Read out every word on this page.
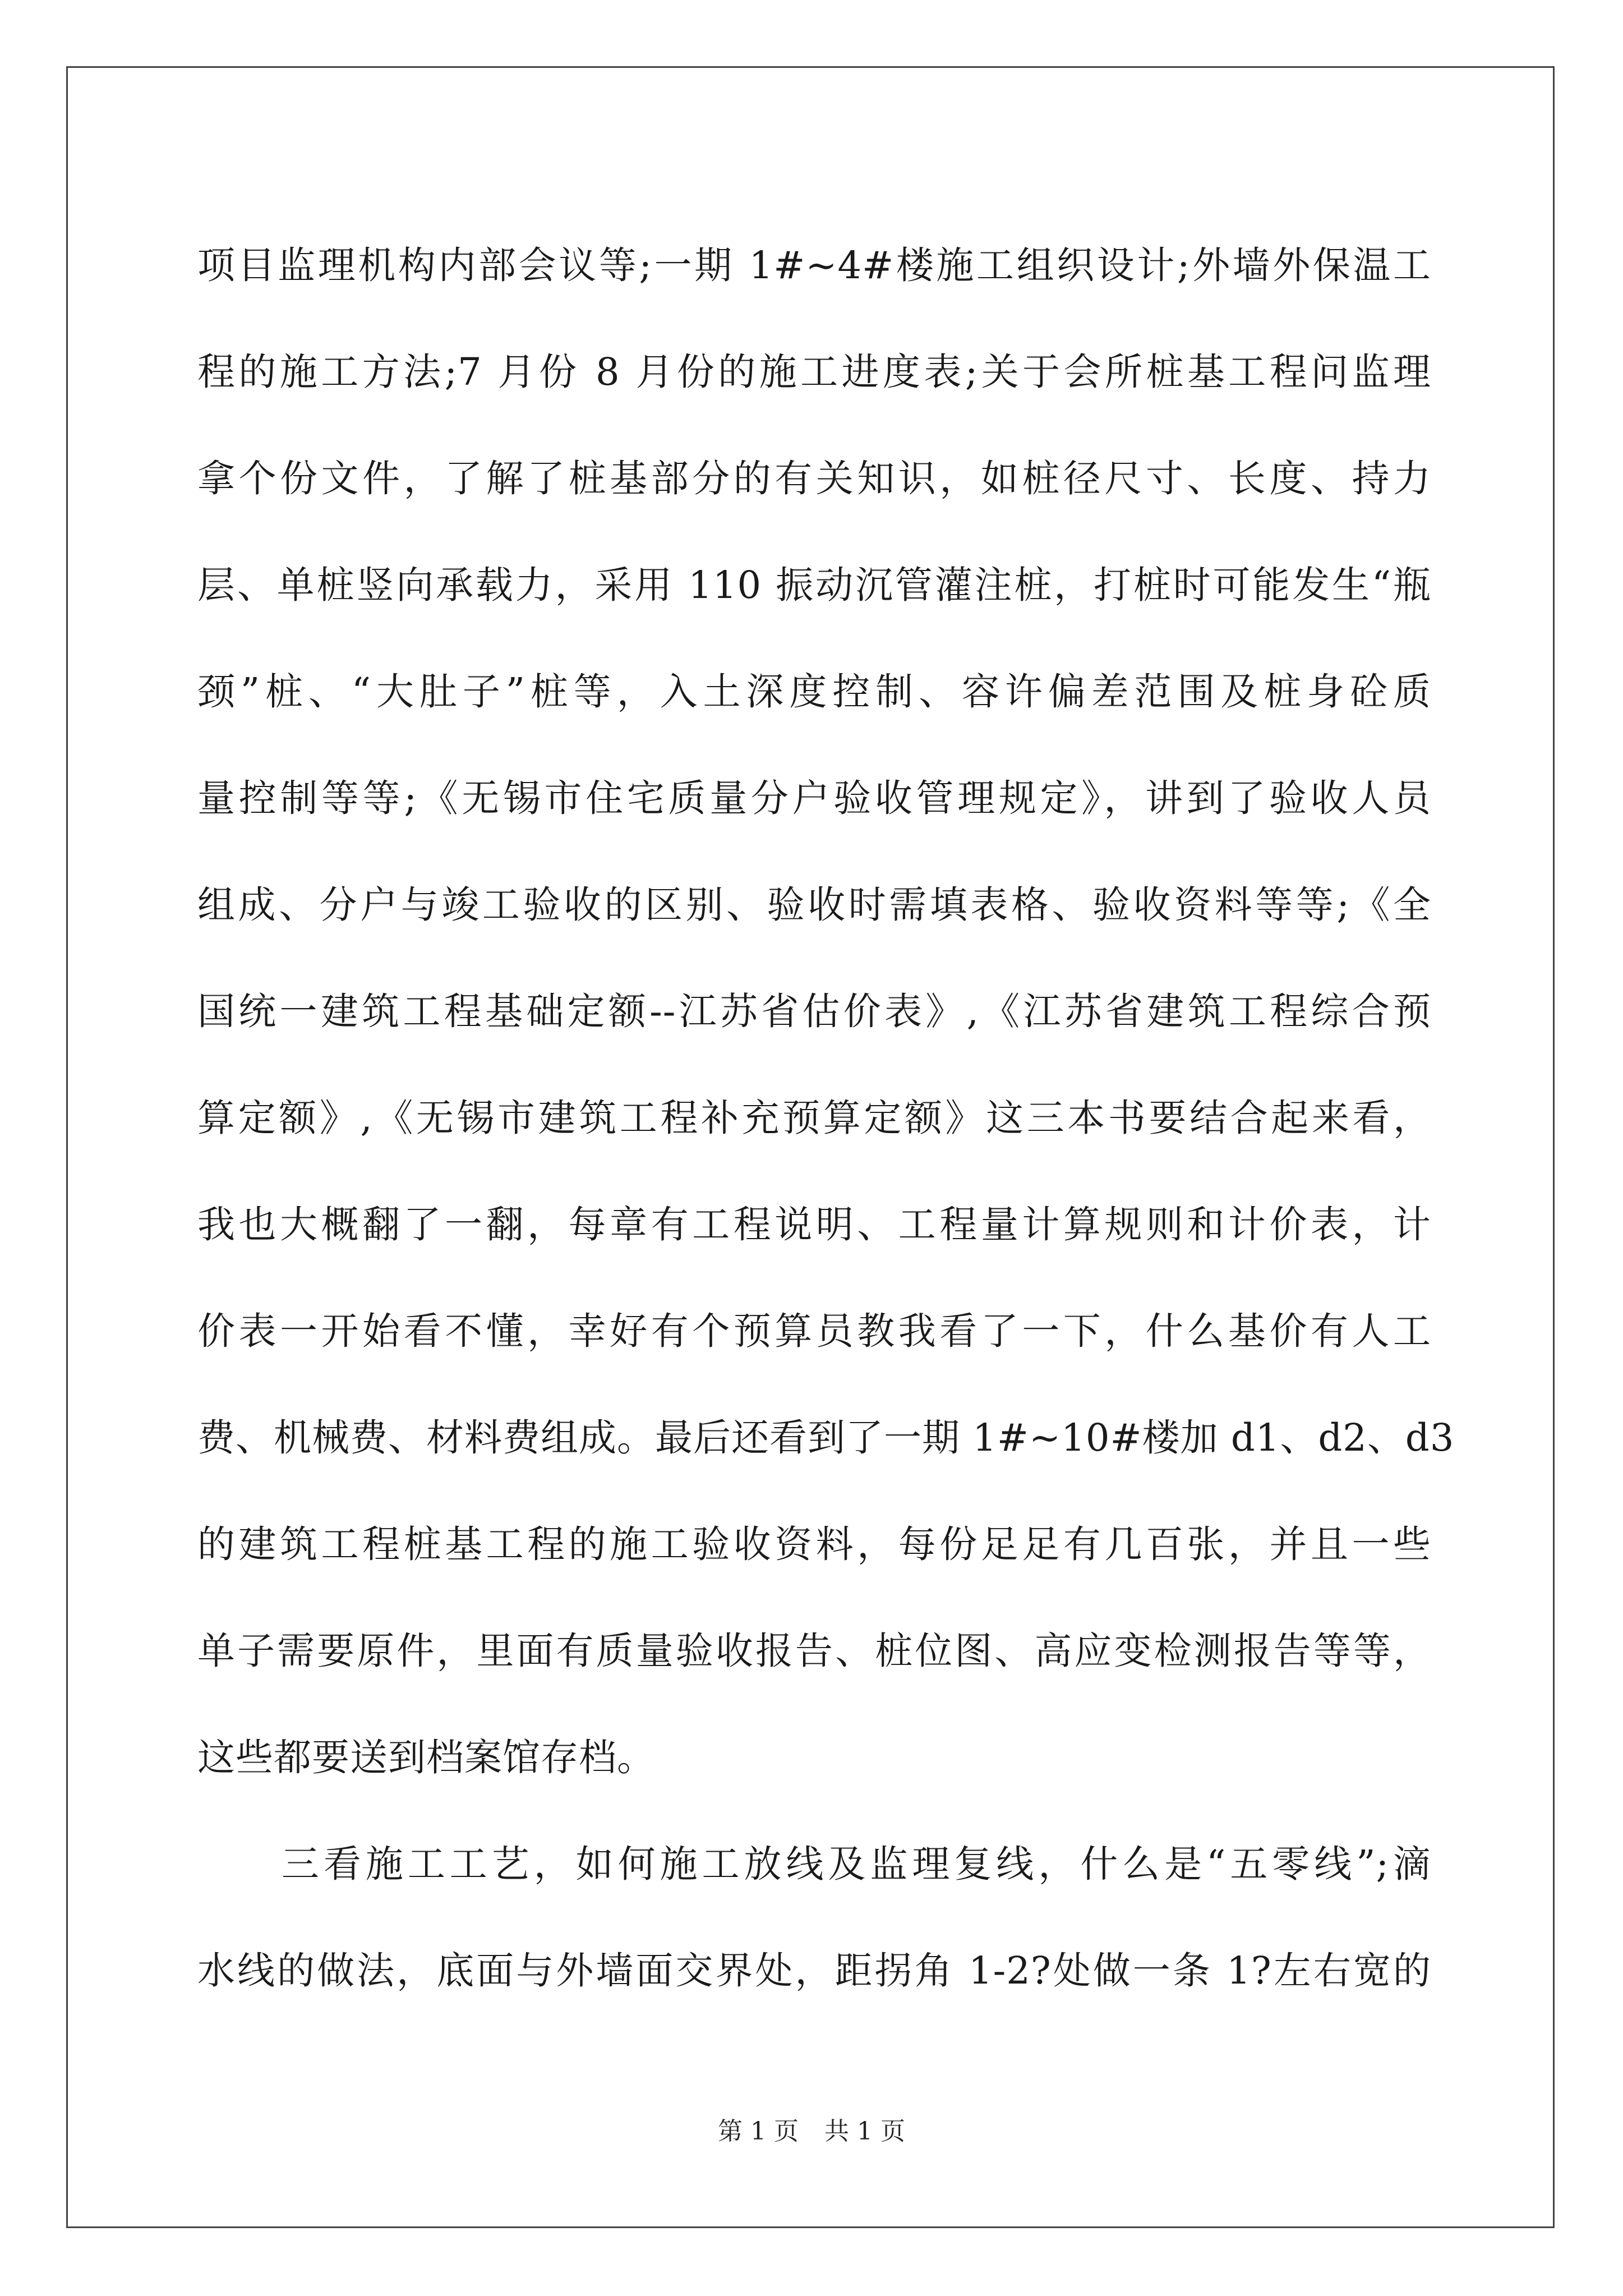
项目监理机构内部会议等;一期 1#~4#楼施工组织设计;外墙外保温工
程的施工方法;7 月份 8 月份的施工进度表;关于会所桩基工程问监理
拿个份文件，了解了桩基部分的有关知识，如桩径尺寸、长度、持力
层、单桩竖向承载力，采用 110 振动沉管灌注桩，打桩时可能发生“瓶
颈”桩、“大肚子”桩等，入土深度控制、容许偏差范围及桩身砼质
量控制等等;《无锡市住宅质量分户验收管理规定》，讲到了验收人员
组成、分户与竣工验收的区别、验收时需填表格、验收资料等等;《全
国统一建筑工程基础定额--江苏省估价表》,《江苏省建筑工程综合预
算定额》,《无锡市建筑工程补充预算定额》这三本书要结合起来看，
我也大概翻了一翻，每章有工程说明、工程量计算规则和计价表，计
价表一开始看不懂，幸好有个预算员教我看了一下，什么基价有人工
费、机械费、材料费组成。最后还看到了一期 1#~10#楼加 d1、d2、d3
的建筑工程桩基工程的施工验收资料，每份足足有几百张，并且一些
单子需要原件，里面有质量验收报告、桩位图、高应变检测报告等等，
这些都要送到档案馆存档。
　　三看施工工艺，如何施工放线及监理复线，什么是“五零线”;滴
水线的做法，底面与外墙面交界处，距拐角 1-2?处做一条 1?左右宽的
第 1 页 共 1 页
